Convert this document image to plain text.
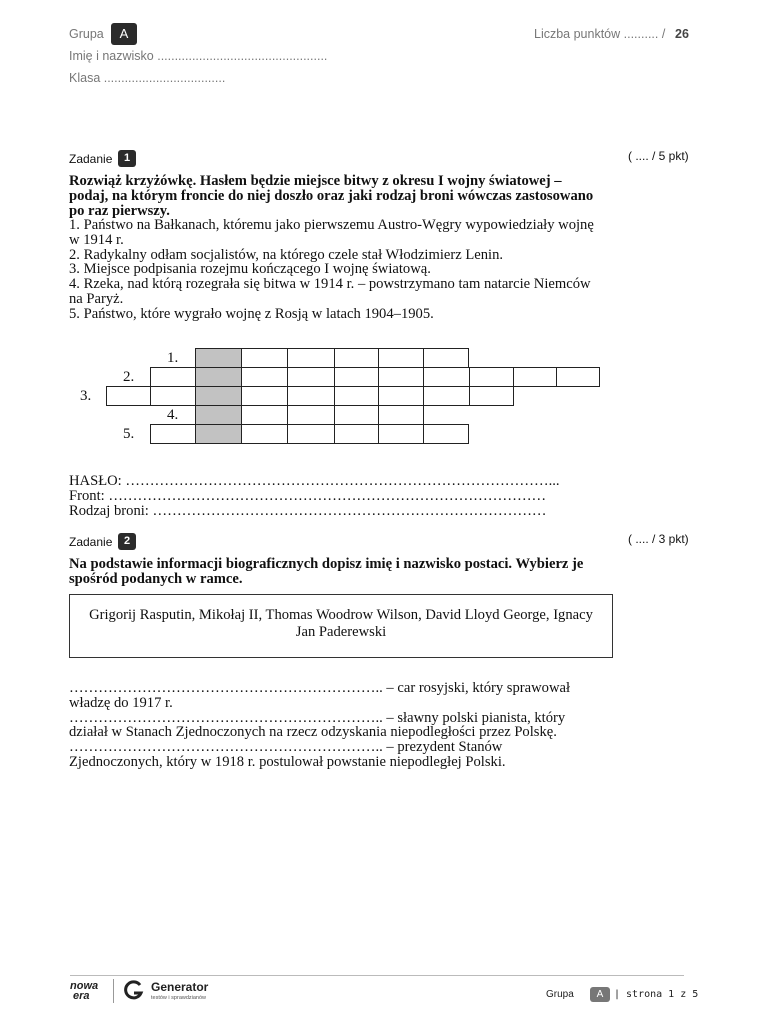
Grupa	A
Imię i nazwisko .................................................
Klasa ...................................
Liczba punktów .......... / 26
Zadanie	1	( .... / 5 pkt)
Rozwiąż krzyżówkę. Hasłem będzie miejsce bitwy z okresu I wojny światowej –
podaj, na którym froncie do niej doszło oraz jaki rodzaj broni wówczas zastosowano
po raz pierwszy.
1. Państwo na Bałkanach, któremu jako pierwszemu Austro-Węgry wypowiedziały wojnę
w 1914 r.
2. Radykalny odłam socjalistów, na którego czele stał Włodzimierz Lenin.
3. Miejsce podpisania rozejmu kończącego I wojnę światową.
4. Rzeka, nad którą rozegrała się bitwa w 1914 r. – powstrzymano tam natarcie Niemców
na Paryż.
5. Państwo, które wygrało wojnę z Rosją w latach 1904–1905.
1.
2.
3.
4.
5.
HASŁO: ……………………………………………………………………………...
Front: ………………………………………………………………………………
Rodzaj broni: ………………………………………………………………………
Zadanie	2	( .... / 3 pkt)
Na podstawie informacji biograficznych dopisz imię i nazwisko postaci. Wybierz je
spośród podanych w ramce.
Grigorij Rasputin, Mikołaj II, Thomas Woodrow Wilson, David Lloyd George, Ignacy
Jan Paderewski
……………………………………………………….. – car rosyjski, który sprawował
władzę do 1917 r.
……………………………………………………….. – sławny polski pianista, który
działał w Stanach Zjednoczonych na rzecz odzyskania niepodległości przez Polskę.
……………………………………………………….. – prezydent Stanów
Zjednoczonych, który w 1918 r. postulował powstanie niepodległej Polski.
nowa
era
Generator
testów i sprawdzianów	Grupa	A	| strona 1 z 5
